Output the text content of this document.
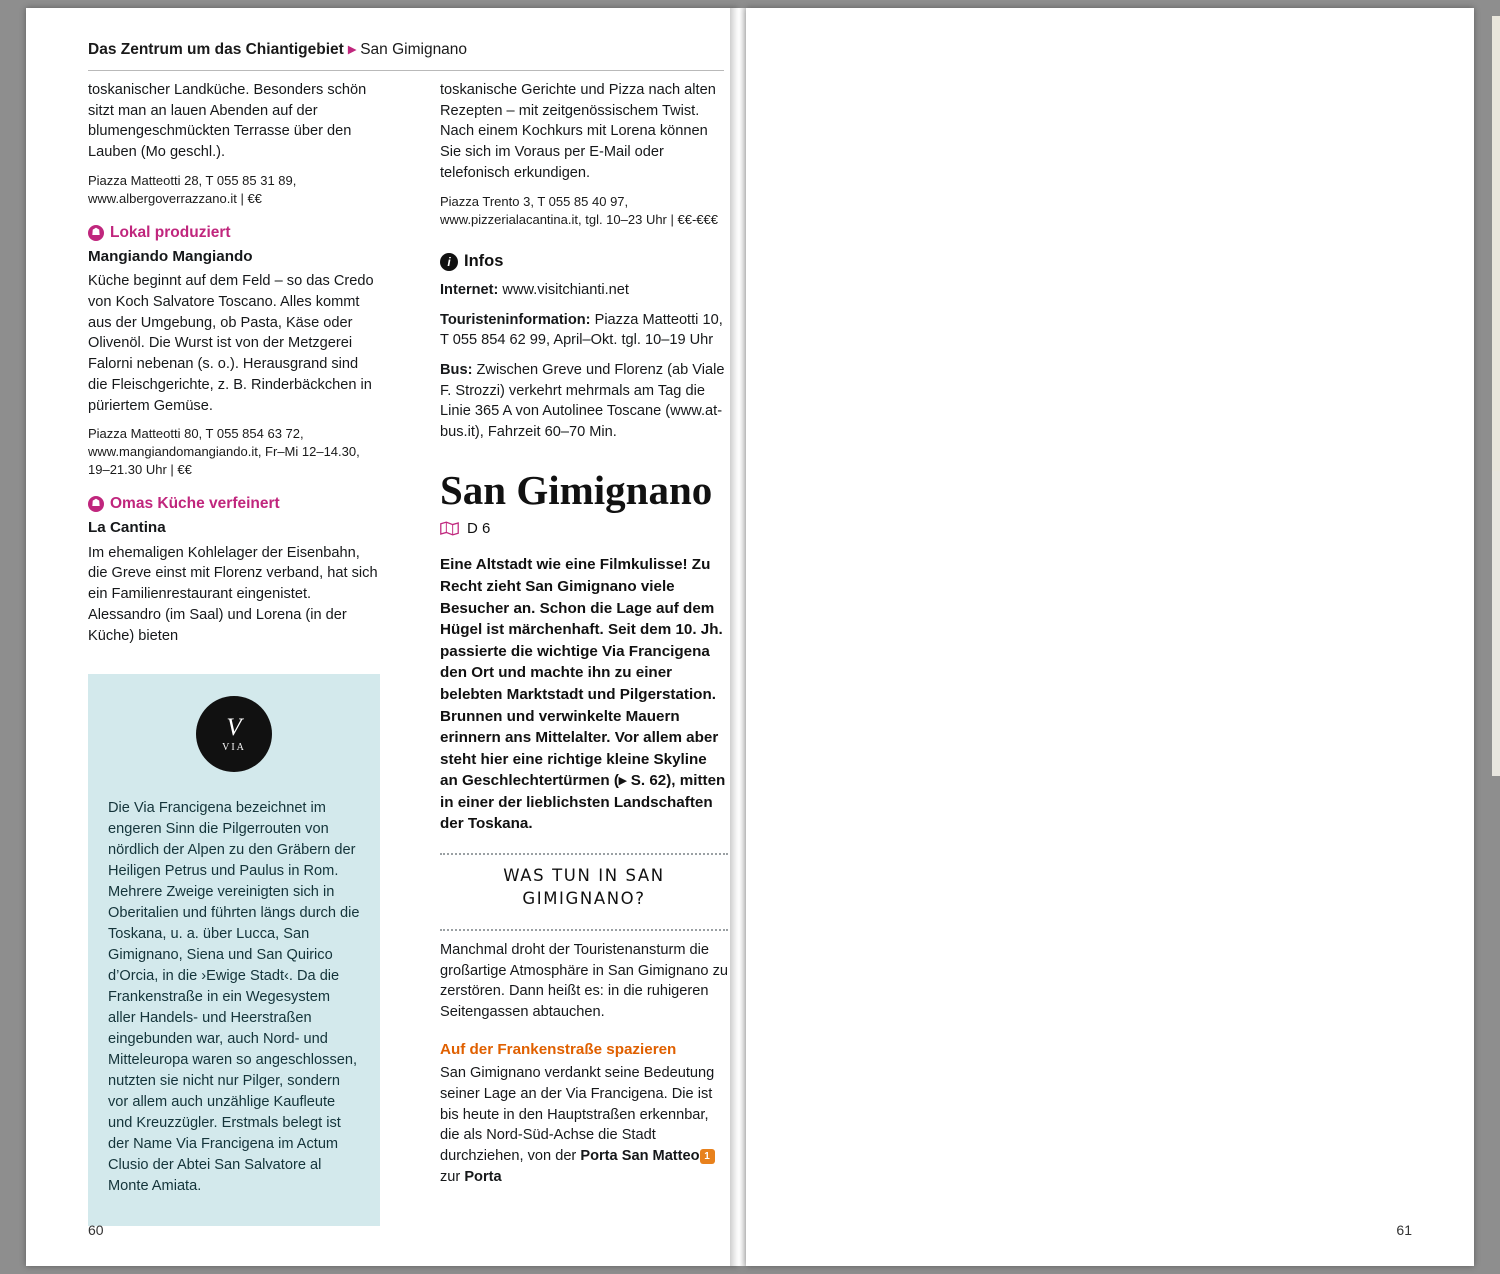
Das Zentrum um das Chiantigebiet ▸ San Gimignano

toskanischer Landküche. Besonders schön sitzt man an lauen Abenden auf der blumengeschmückten Terrasse über den Lauben (Mo geschl.).

Piazza Matteotti 28, T 055 85 31 89, www.albergoverrazzano.it | €€

☗ Lokal produziert
Mangiando Mangiando

Küche beginnt auf dem Feld – so das Credo von Koch Salvatore Toscano. Alles kommt aus der Umgebung, ob Pasta, Käse oder Olivenöl. Die Wurst ist von der Metzgerei Falorni nebenan (s. o.). Herausgrand sind die Fleischgerichte, z. B. Rinderbäckchen in püriertem Gemüse.

Piazza Matteotti 80, T 055 854 63 72, www.mangiandomangiando.it, Fr–Mi 12–14.30, 19–21.30 Uhr | €€

☗ Omas Küche verfeinert
La Cantina

Im ehemaligen Kohlelager der Eisenbahn, die Greve einst mit Florenz verband, hat sich ein Familienrestaurant eingenistet. Alessandro (im Saal) und Lorena (in der Küche) bieten

V
VIA
Die Via Francigena bezeichnet im engeren Sinn die Pilgerrouten von nördlich der Alpen zu den Gräbern der Heiligen Petrus und Paulus in Rom. Mehrere Zweige vereinigten sich in Oberitalien und führten längs durch die Toskana, u. a. über Lucca, San Gimignano, Siena und San Quirico d’Orcia, in die ›Ewige Stadt‹. Da die Frankenstraße in ein Wegesystem aller Handels- und Heerstraßen eingebunden war, auch Nord- und Mitteleuropa waren so angeschlossen, nutzten sie nicht nur Pilger, sondern vor allem auch unzählige Kaufleute und Kreuzzügler. Erstmals belegt ist der Name Via Francigena im Actum Clusio der Abtei San Salvatore al Monte Amiata.

toskanische Gerichte und Pizza nach alten Rezepten – mit zeitgenössischem Twist. Nach einem Kochkurs mit Lorena können Sie sich im Voraus per E-Mail oder telefonisch erkundigen.

Piazza Trento 3, T 055 85 40 97, www.pizzerialacantina.it, tgl. 10–23 Uhr | €€-€€€

i Infos

Internet: www.visitchianti.net

Touristeninformation: Piazza Matteotti 10, T 055 854 62 99, April–Okt. tgl. 10–19 Uhr

Bus: Zwischen Greve und Florenz (ab Viale F. Strozzi) verkehrt mehrmals am Tag die Linie 365 A von Autolinee Toscane (www.at-bus.it), Fahrzeit 60–70 Min.

San Gimignano
D 6

Eine Altstadt wie eine Filmkulisse! Zu Recht zieht San Gimignano viele Besucher an. Schon die Lage auf dem Hügel ist märchenhaft. Seit dem 10. Jh. passierte die wichtige Via Francigena den Ort und machte ihn zu einer belebten Marktstadt und Pilgerstation. Brunnen und verwinkelte Mauern erinnern ans Mittelalter. Vor allem aber steht hier eine richtige kleine Skyline an Geschlechtertürmen (▸ S. 62), mitten in einer der lieblichsten Landschaften der Toskana.

WAS TUN IN SAN GIMIGNANO?

Manchmal droht der Touristenansturm die großartige Atmosphäre in San Gimignano zu zerstören. Dann heißt es: in die ruhigeren Seitengassen abtauchen.

Auf der Frankenstraße spazieren

San Gimignano verdankt seine Bedeutung seiner Lage an der Via Francigena. Die ist bis heute in den Hauptstraßen erkennbar, die als Nord-Süd-Achse die Stadt durchziehen, von der Porta San Matteo 1 zur Porta

60	61
